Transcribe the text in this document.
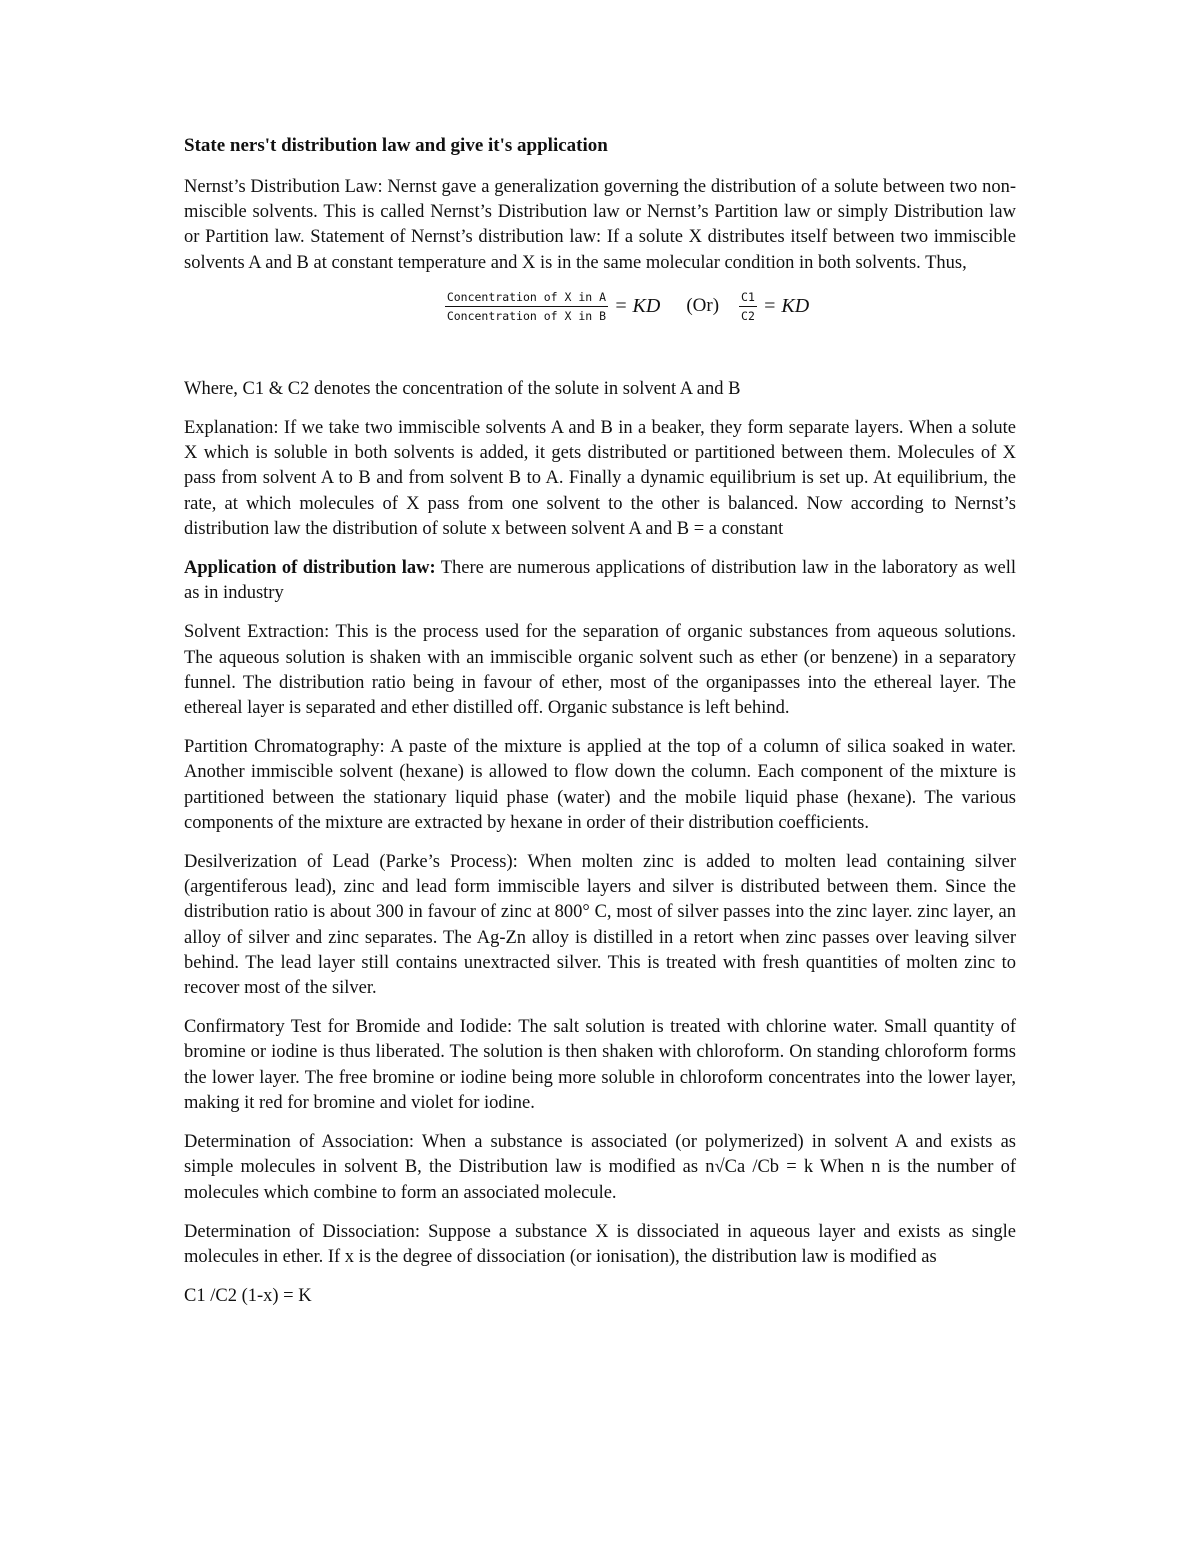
State ners't distribution law and give it's application

Nernst’s Distribution Law: Nernst gave a generalization governing the distribution of a solute between two non-miscible solvents. This is called Nernst’s Distribution law or Nernst’s Partition law or simply Distribution law or Partition law. Statement of Nernst’s distribution law: If a solute X distributes itself between two immiscible solvents A and B at constant temperature and X is in the same molecular condition in both solvents. Thus,

$\frac{\text{Concentration of X in A}}{\text{Concentration of X in B}}$ = KD $(Or) \frac{C1}{C2}$ = KD

Where, C1 & C2 denotes the concentration of the solute in solvent A and B

Explanation: If we take two immiscible solvents A and B in a beaker, they form separate layers. When a solute X which is soluble in both solvents is added, it gets distributed or partitioned between them. Molecules of X pass from solvent A to B and from solvent B to A. Finally a dynamic equilibrium is set up. At equilibrium, the rate, at which molecules of X pass from one solvent to the other is balanced. Now according to Nernst’s distribution law the distribution of solute x between solvent A and B = a constant

Application of distribution law: There are numerous applications of distribution law in the laboratory as well as in industry

Solvent Extraction: This is the process used for the separation of organic substances from aqueous solutions. The aqueous solution is shaken with an immiscible organic solvent such as ether (or benzene) in a separatory funnel. The distribution ratio being in favour of ether, most of the organipasses into the ethereal layer. The ethereal layer is separated and ether distilled off. Organic substance is left behind.

Partition Chromatography: A paste of the mixture is applied at the top of a column of silica soaked in water. Another immiscible solvent (hexane) is allowed to flow down the column. Each component of the mixture is partitioned between the stationary liquid phase (water) and the mobile liquid phase (hexane). The various components of the mixture are extracted by hexane in order of their distribution coefficients.

Desilverization of Lead (Parke’s Process): When molten zinc is added to molten lead containing silver (argentiferous lead), zinc and lead form immiscible layers and silver is distributed between them. Since the distribution ratio is about 300 in favour of zinc at 800° C, most of silver passes into the zinc layer. zinc layer, an alloy of silver and zinc separates. The Ag-Zn alloy is distilled in a retort when zinc passes over leaving silver behind. The lead layer still contains unextracted silver. This is treated with fresh quantities of molten zinc to recover most of the silver.

Confirmatory Test for Bromide and Iodide: The salt solution is treated with chlorine water. Small quantity of bromine or iodine is thus liberated. The solution is then shaken with chloroform. On standing chloroform forms the lower layer. The free bromine or iodine being more soluble in chloroform concentrates into the lower layer, making it red for bromine and violet for iodine.

Determination of Association: When a substance is associated (or polymerized) in solvent A and exists as simple molecules in solvent B, the Distribution law is modified as n√Ca /Cb = k When n is the number of molecules which combine to form an associated molecule.

Determination of Dissociation: Suppose a substance X is dissociated in aqueous layer and exists as single molecules in ether. If x is the degree of dissociation (or ionisation), the distribution law is modified as

C1 /C2 (1-x) = K
